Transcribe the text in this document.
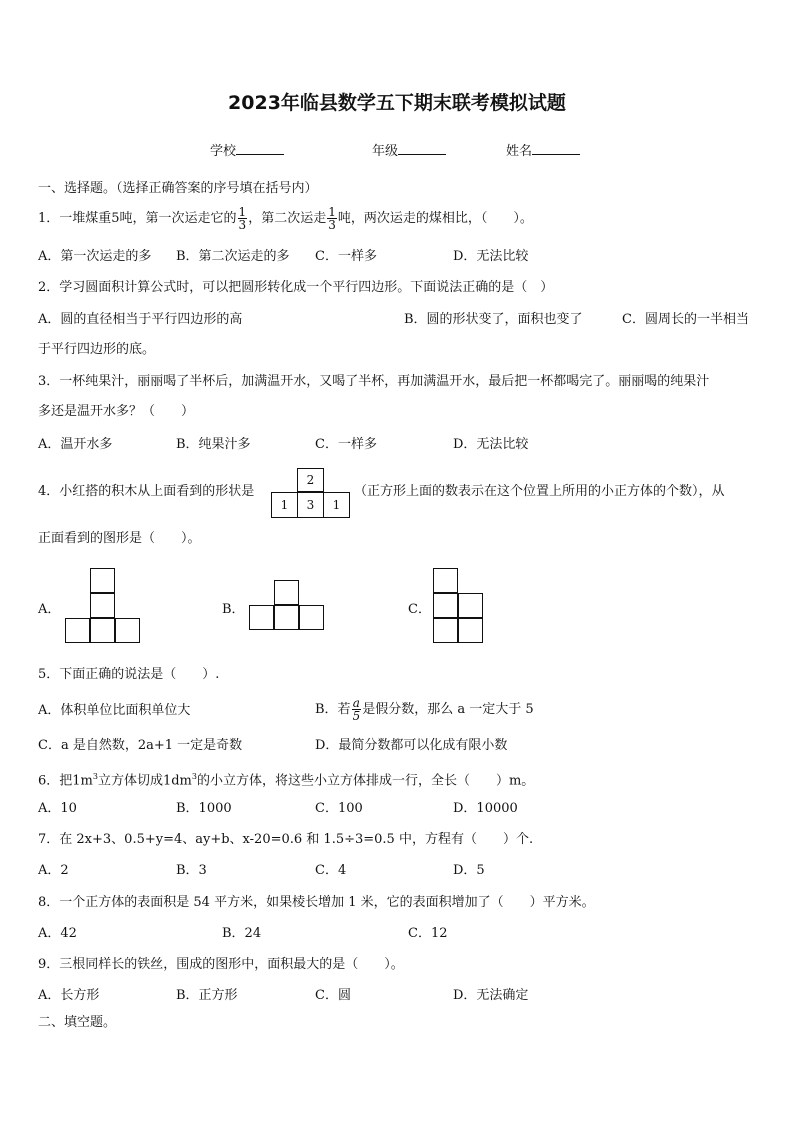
2023年临县数学五下期末联考模拟试题
学校	年级	姓名
一、选择题。（选择正确答案的序号填在括号内）
1．一堆煤重5吨，第一次运走它的 $\frac{1}{3}$ ，第二次运走 $\frac{1}{3}$ 吨，两次运走的煤相比，（　　）。
A．第一次运走的多 B．第二次运走的多 C．一样多	D．无法比较
2．学习圆面积计算公式时，可以把圆形转化成一个平行四边形。下面说法正确的是（　）
A．圆的直径相当于平行四边形的高	B．圆的形状变了，面积也变了	C．圆周长的一半相当
于平行四边形的底。
3．一杯纯果汁，丽丽喝了半杯后，加满温开水，又喝了半杯，再加满温开水，最后把一杯都喝完了。丽丽喝的纯果汁
多还是温开水多？（　　）
A．温开水多	B．纯果汁多	C．一样多	D．无法比较
4．小红搭的积木从上面看到的形状是
2
1	3	1
（正方形上面的数表示在这个位置上所用的小正方体的个数），从
正面看到的图形是（　　）。
A．	B．	C．
5．下面正确的说法是（　　）.
A．体积单位比面积单位大	B．若 $\frac{a}{5}$ 是假分数，那么 a 一定大于 5
C．a 是自然数，2a+1 一定是奇数	D．最简分数都可以化成有限小数
6．把$1m^3$立方体切成$1dm^3$的小立方体，将这些小立方体排成一行，全长（　　）m。
A．10	B．1000	C．100	D．10000
7．在 2x+3、0.5+y=4、ay+b、x-20=0.6 和 1.5÷3=0.5 中，方程有（　　）个.
A．2	B．3	C．4	D．5
8．一个正方体的表面积是 54 平方米，如果棱长增加 1 米，它的表面积增加了（　　）平方米。
A．42	B．24	C．12
9．三根同样长的铁丝，围成的图形中，面积最大的是（　　）。
A．长方形	B．正方形	C．圆	D．无法确定
二、填空题。
